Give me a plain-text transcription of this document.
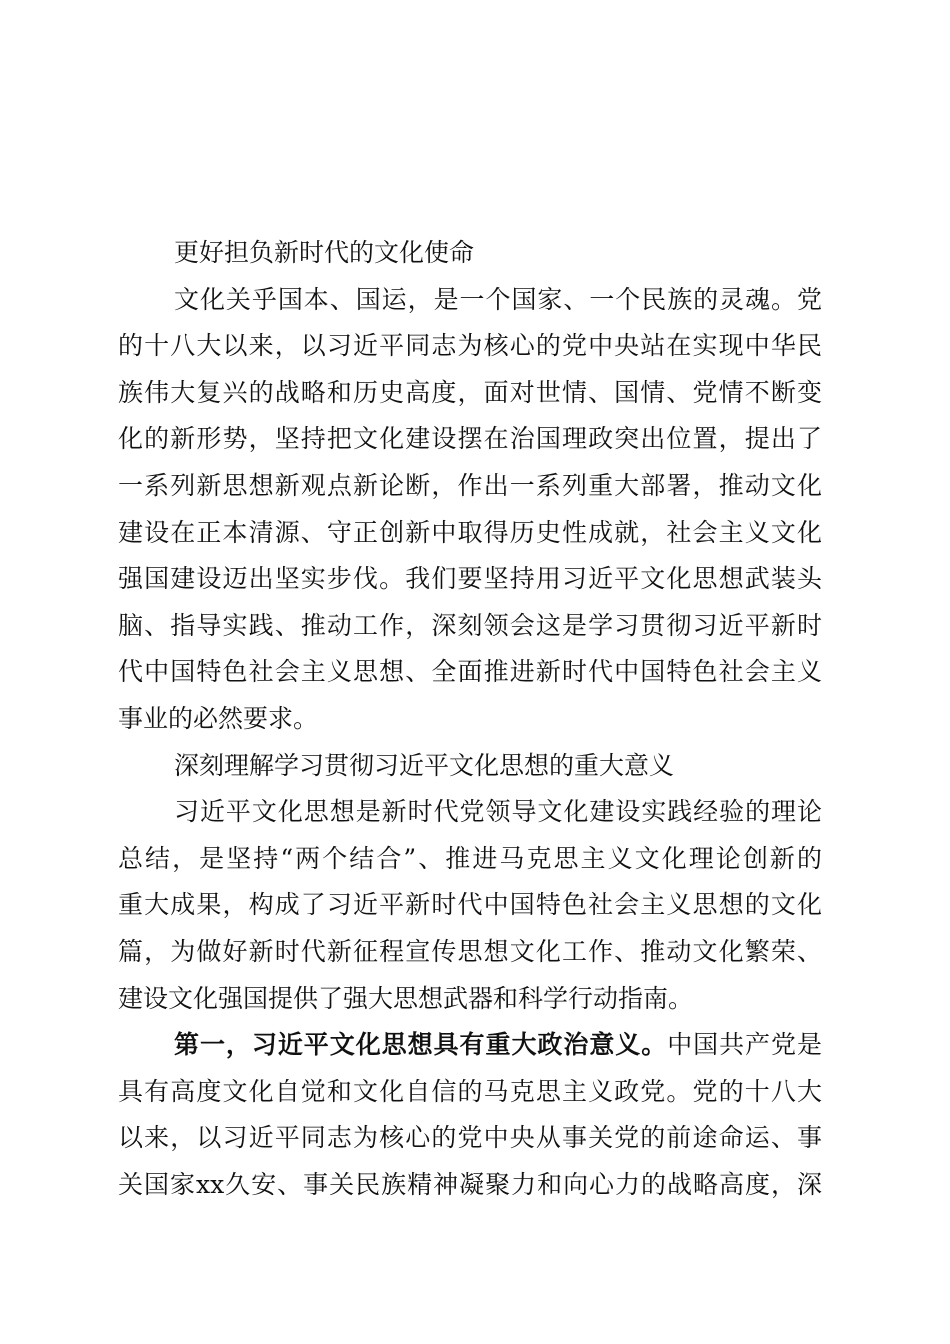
更好担负新时代的文化使命
文化关乎国本、国运，是一个国家、一个民族的灵魂。党
的十八大以来，以习近平同志为核心的党中央站在实现中华民
族伟大复兴的战略和历史高度，面对世情、国情、党情不断变
化的新形势，坚持把文化建设摆在治国理政突出位置，提出了
一系列新思想新观点新论断，作出一系列重大部署，推动文化
建设在正本清源、守正创新中取得历史性成就，社会主义文化
强国建设迈出坚实步伐。我们要坚持用习近平文化思想武装头
脑、指导实践、推动工作，深刻领会这是学习贯彻习近平新时
代中国特色社会主义思想、全面推进新时代中国特色社会主义
事业的必然要求。
深刻理解学习贯彻习近平文化思想的重大意义
习近平文化思想是新时代党领导文化建设实践经验的理论
总结，是坚持“两个结合”、推进马克思主义文化理论创新的
重大成果，构成了习近平新时代中国特色社会主义思想的文化
篇，为做好新时代新征程宣传思想文化工作、推动文化繁荣、
建设文化强国提供了强大思想武器和科学行动指南。
第一，习近平文化思想具有重大政治意义。中国共产党是
具有高度文化自觉和文化自信的马克思主义政党。党的十八大
以来，以习近平同志为核心的党中央从事关党的前途命运、事
关国家xx久安、事关民族精神凝聚力和向心力的战略高度，深
